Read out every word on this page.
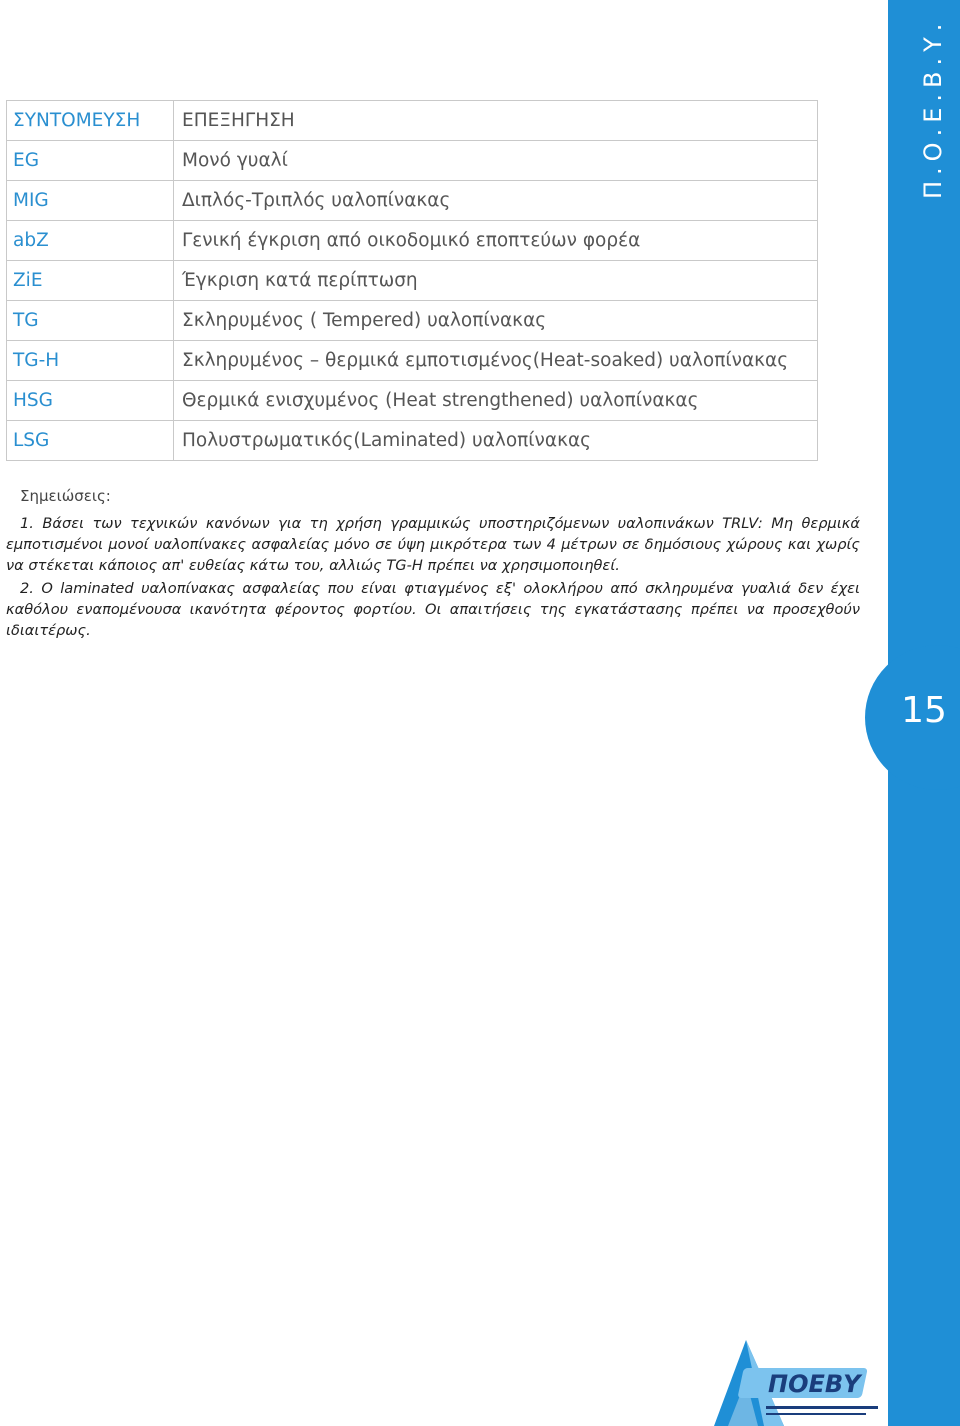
Π.Ο.Ε.Β.Υ.
15
ΣΥΝΤΟΜΕΥΣΗ	ΕΠΕΞΗΓΗΣΗ
EG	Μονό γυαλί
MIG	Διπλός-Τριπλός υαλοπίνακας
abZ	Γενική έγκριση από οικοδομικό εποπτεύων φορέα
ZiE	Έγκριση κατά περίπτωση
TG	Σκληρυμένος ( Tempered) υαλοπίνακας
TG-H	Σκληρυμένος – θερμικά εμποτισμένος(Heat-soaked) υαλοπίνακας
HSG	Θερμικά ενισχυμένος (Heat strengthened) υαλοπίνακας
LSG	Πολυστρωματικός(Laminated) υαλοπίνακας
Σημειώσεις:

1. Βάσει των τεχνικών κανόνων για τη χρήση γραμμικώς υποστηριζόμενων υαλοπινάκων TRLV: Μη θερμικά εμποτισμένοι μονοί υαλοπίνακες ασφαλείας μόνο σε ύψη μικρότερα των 4 μέτρων σε δημόσιους χώρους και χωρίς να στέκεται κάποιος απ' ευθείας κάτω του, αλλιώς TG-H πρέπει να χρησιμοποιηθεί.

2. Ο laminated υαλοπίνακας ασφαλείας που είναι φτιαγμένος εξ' ολοκλήρου από σκληρυμένα γυαλιά δεν έχει καθόλου εναπομένουσα ικανότητα φέροντος φορτίου. Οι απαιτήσεις της εγκατάστασης πρέπει να προσεχθούν ιδιαιτέρως.

ΠΟΕΒΥ
